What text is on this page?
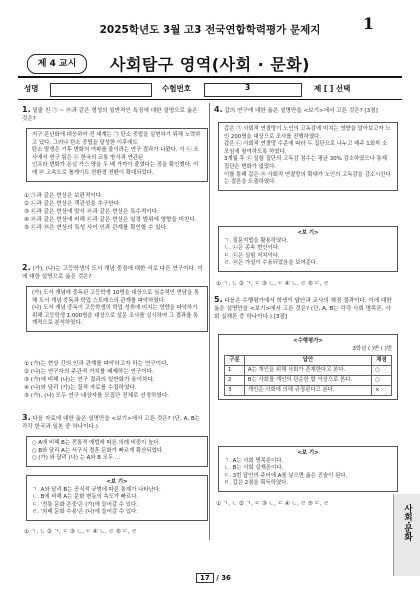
2025학년도 3월 고3 전국연합학력평가 문제지	1
제 4 교시	사회탐구 영역(사회 · 문화)
성명	수험번호	3	제 [ ] 선택
1. 밑줄 친 ㉠ ~ ㉣과 같은 형성의 일반적인 특징에 대한 설명으로 옳은 것은?
지구 온난화에 대응하여 전 세계는 ㉠ 탄소 중립을 실현하기 위해 노력하고 있다. 그러나 탄소 중립을 달성한 이후에도
탄소 발생은 기후 변화의 여파를 줄이려는 연구 결과가 나왔다. 이 ㉡ 조사에서 연구 팀은 ㉢ 한국의 교통 방식과 연관된
인프라 변화가 온실 가스 양을 두 배 가까이 줄였다는 점을 확인했다. 이에 ㉣ 고속도로 톨게이트 친환경 전환이 확대되었다.
① ㉠과 같은 현상은 보편적이다.
② ㉡과 같은 현상은 객관성을 추구한다.
③ ㉢과 같은 현상에 맞서 ㉣과 같은 현상은 특수적이다.
④ ㉣과 같은 현상에 비해 ㉢과 같은 현상은 일정 범위에 영향을 미친다.
⑤ ㉢과 ㉣은 현상의 특성 사이 인과 관계를 확인할 수 있다.
2. (가), (나)는 고등학생의 도서 개념 중점에 대한 서로 다른 연구이다. 이에 대한 설명으로 옳은 것은?
(가) 도서 개념에 중독된 고등학생 10명을 대상으로 심층적인 면담을 통해 도서 개념 중독과 학업 스트레스의 관계를 파악하였다.
(나) 도서 개념 중독이 고등학생의 학업 성취에 미치는 영향을 파악하기 위해 고등학생 1,000명을 대상으로 설문 조사를 실시하여 그 결과를 통계적으로 분석하였다.
① (가)는 현상 간의 인과 관계를 파악하고자 하는 연구이다.
② (나)는 연구자의 주관적 가치를 배제하는 연구이다.
③ (가)에 비해 (나)는 연구 결과의 일반화가 용이하다.
④ (나)와 달리 (가)는 질적 자료를 수집하였다.
⑤ (가), (나) 모두 연구 대상자를 모집단 전체로 선정하였다.
3. 다음 자료에 대한 옳은 설명만을 <보기>에서 고른 것은? (단, A, B는 각각 한국과 일본 중 하나이다.)
○ A에 비해 B는 전통적 예법에 따른 의례 비중이 높다.
○ B와 달리 A는 서구식 결혼 문화가 빠르게 확산되었다.
○ (가) 와 달리 (나) 는 A와 B 모두 …
<보 기>
ㄱ. A와 달리 B는 공식적 규범에 따른 통제가 나타난다.
ㄴ. B에 비해 A는 문화 변동의 속도가 빠르다.
ㄷ. '전통 문화 존중'은 (가)에 들어갈 수 있다.
ㄹ. '외래 문화 수용'은 (나)에 들어갈 수 있다.
① ㄱ, ㄴ ② ㄱ, ㄷ ③ ㄴ, ㄷ ④ ㄴ, ㄹ ⑤ ㄷ, ㄹ
4. 갑의 연구에 대한 옳은 설명만을 <보기>에서 고른 것은? [3점]
갑은 ㉠ 사회적 연결망이 노인의 고독감에 미치는 영향을 알아보고자 노인 200명을 대상으로 조사를 진행하였다.
갑은 ㉡ 사회적 연결망 수준에 따라 두 집단으로 나누고 매주 1회씩 소모임에 참여하도록 하였다.
3개월 후 ㉢ 실험 집단의 고독감 점수는 평균 30% 감소하였으나 통제 집단은 변화가 없었다.
이를 통해 갑은 ㉣ 사회적 연결망의 확대가 노인의 고독감을 감소시킨다는 결론을 도출하였다.
<보 기>
ㄱ. 질문지법을 활용하였다.
ㄴ. ㉡은 종속 변인이다.
ㄷ. ㉢은 실험 처치이다.
ㄹ. ㉣은 가설이 수용되었음을 보여준다.
① ㄱ, ㄴ ② ㄱ, ㄷ ③ ㄴ, ㄷ ④ ㄴ, ㄹ ⑤ ㄷ, ㄹ
5. 다음은 수행평가에서 학생이 답안과 교사의 채점 결과이다. 이에 대한 옳은 설명만을 <보기>에서 고른 것은? (단, A, B는 각각 사회 명목론, 사회 실재론 중 하나이다.) [3점]
<수행평가>
3학년 ( )반 ( )번
구분	답안	채점
1	A는 개인을 위해 사회가 존재한다고 본다.	○
2	B는 사회를 개인의 단순한 합 이상으로 본다.	○
3	개인은 사회에 의해 규정된다고 본다.	×
<보 기>
ㄱ. A는 사회 명목론이다.
ㄴ. B는 사회 실재론이다.
ㄷ. 3번 답안의 주어에 A를 넣으면 옳은 진술이 된다.
ㄹ. 갑은 2점을 획득하였다.
① ㄱ, ㄴ ② ㄱ, ㄷ ③ ㄴ, ㄷ ④ ㄴ, ㄹ ⑤ ㄷ, ㄹ
17 / 36
사회·문화
